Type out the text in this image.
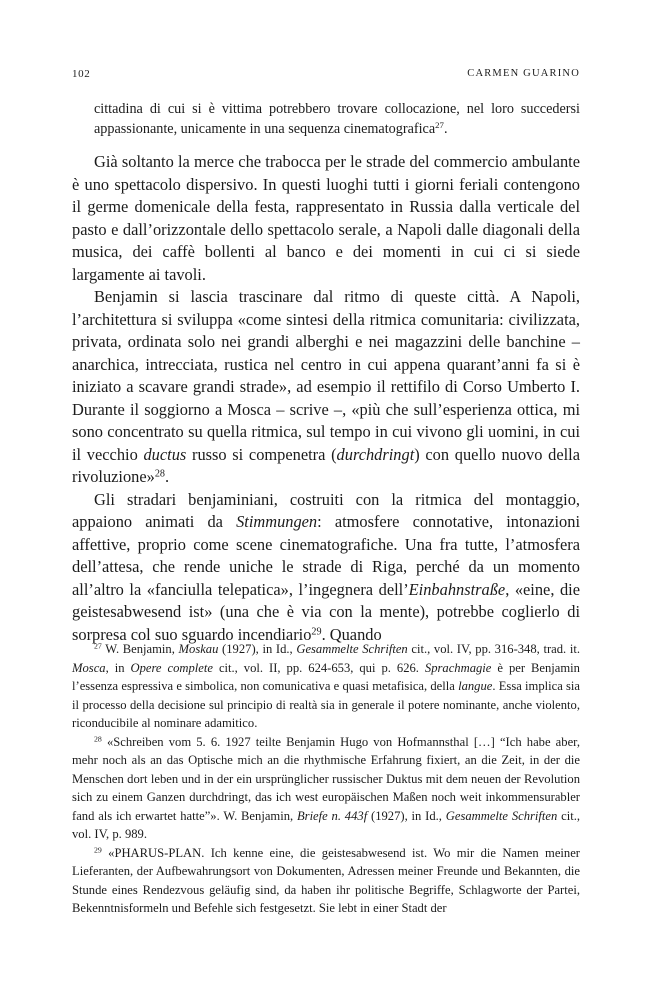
102	CARMEN GUARINO
cittadina di cui si è vittima potrebbero trovare collocazione, nel loro succedersi appassionante, unicamente in una sequenza cinematografica$^{27}$.

Già soltanto la merce che trabocca per le strade del commercio ambulante è uno spettacolo dispersivo. In questi luoghi tutti i giorni feriali contengono il germe domenicale della festa, rappresentato in Russia dalla verticale del pasto e dall’orizzontale dello spettacolo serale, a Napoli dalle diagonali della musica, dei caffè bollenti al banco e dei momenti in cui ci si siede largamente ai tavoli.

Benjamin si lascia trascinare dal ritmo di queste città. A Napoli, l’architettura si sviluppa «come sintesi della ritmica comunitaria: civilizzata, privata, ordinata solo nei grandi alberghi e nei magazzini delle banchine – anarchica, intrecciata, rustica nel centro in cui appena quarant’anni fa si è iniziato a scavare grandi strade», ad esempio il rettifilo di Corso Umberto I. Durante il soggiorno a Mosca – scrive –, «più che sull’esperienza ottica, mi sono concentrato su quella ritmica, sul tempo in cui vivono gli uomini, in cui il vecchio ductus russo si compenetra (durchdringt) con quello nuovo della rivoluzione»$^{28}$.

Gli stradari benjaminiani, costruiti con la ritmica del montaggio, appaiono animati da Stimmungen: atmosfere connotative, intonazioni affettive, proprio come scene cinematografiche. Una fra tutte, l’atmosfera dell’attesa, che rende uniche le strade di Riga, perché da un momento all’altro la «fanciulla telepatica», l’ingegnera dell’Einbahnstraße, «eine, die geistesabwesend ist» (una che è via con la mente), potrebbe coglierlo di sorpresa col suo sguardo incendiario$^{29}$. Quando

$^{27}$ W. Benjamin, Moskau (1927), in Id., Gesammelte Schriften cit., vol. IV, pp. 316-348, trad. it. Mosca, in Opere complete cit., vol. II, pp. 624-653, qui p. 626. Sprachmagie è per Benjamin l’essenza espressiva e simbolica, non comunicativa e quasi metafisica, della langue. Essa implica sia il processo della decisione sul principio di realtà sia in generale il potere nominante, anche violento, riconducibile al nominare adamitico.

$^{28}$ «Schreiben vom 5. 6. 1927 teilte Benjamin Hugo von Hofmannsthal […] “Ich habe aber, mehr noch als an das Optische mich an die rhythmische Erfahrung fixiert, an die Zeit, in der die Menschen dort leben und in der ein ursprünglicher russischer Duktus mit dem neuen der Revolution sich zu einem Ganzen durchdringt, das ich west europäischen Maßen noch weit inkommensurabler fand als ich erwartet hatte”». W. Benjamin, Briefe n. 443f (1927), in Id., Gesammelte Schriften cit., vol. IV, p. 989.

$^{29}$ «PHARUS-PLAN. Ich kenne eine, die geistesabwesend ist. Wo mir die Namen meiner Lieferanten, der Aufbewahrungsort von Dokumenten, Adressen meiner Freunde und Bekannten, die Stunde eines Rendezvous geläufig sind, da haben ihr politische Begriffe, Schlagworte der Partei, Bekenntnisformeln und Befehle sich festgesetzt. Sie lebt in einer Stadt der
